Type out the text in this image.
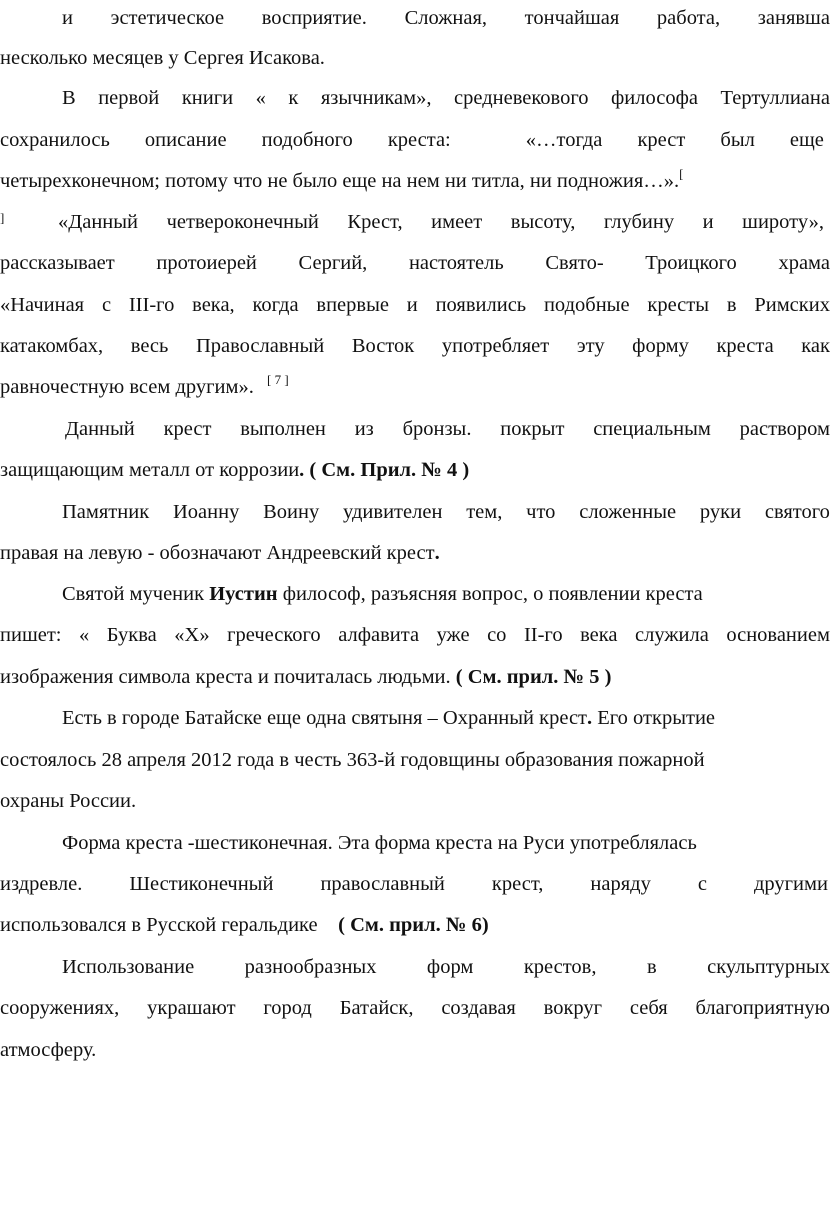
и эстетическое восприятие. Сложная, тончайшая работа, занявша
несколько месяцев у Сергея Исакова.
В первой книги « к язычникам», средневекового философа Тертуллиана
сохранилось описание подобного креста:	«…тогда крест был еще
четырехконечном; потому что не было еще на нем ни титла, ни подножия…».[
]	«Данный четвероконечный Крест, имеет высоту, глубину и широту»,
рассказывает протоиерей Сергий, настоятель Свято- Троицкого храма
«Начиная с III-го века, когда впервые и появились подобные кресты в Римских
катакомбах, весь Православный Восток употребляет эту форму креста как
равночестную всем другим». [ 7 ]
Данный крест выполнен из бронзы. покрыт специальным раствором
защищающим металл от коррозии. ( См. Прил. № 4 )
Памятник Иоанну Воину удивителен тем, что сложенные руки святого
правая на левую - обозначают Андреевский крест.
Святой мученик Иустин философ, разъясняя вопрос, о появлении креста
пишет: « Буква «Х» греческого алфавита уже со II-го века служила основанием
изображения символа креста и почиталась людьми. ( См. прил. № 5 )
Есть в городе Батайске еще одна святыня – Охранный крест. Его открытие
состоялось 28 апреля 2012 года в честь 363-й годовщины образования пожарной
охраны России.
Форма креста -шестиконечная. Эта форма креста на Руси употреблялась
издревле. Шестиконечный православный крест, наряду с другими
использовался в Русской геральдике    ( См. прил. № 6)
Использование разнообразных форм крестов, в скульптурных
сооружениях, украшают город Батайск, создавая вокруг себя благоприятную
атмосферу.
